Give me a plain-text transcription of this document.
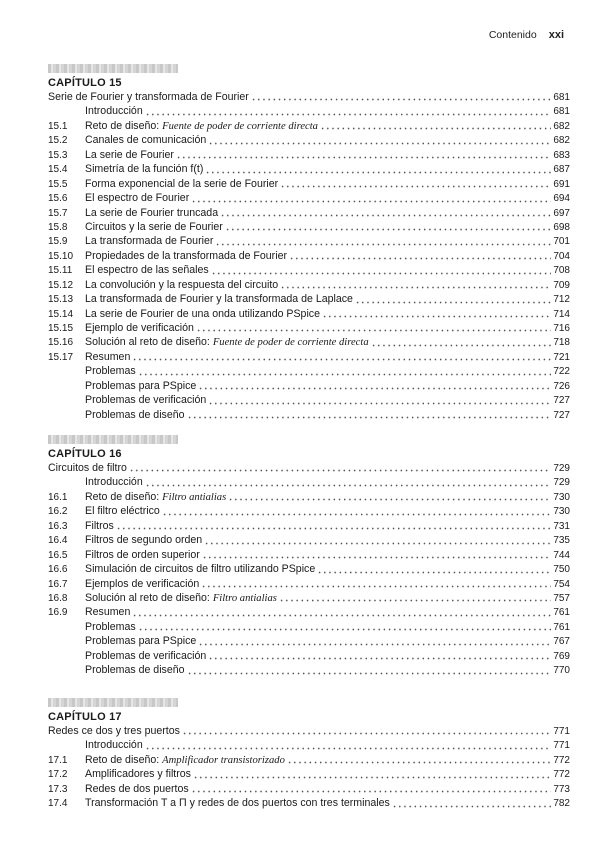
Contenido xxi
CAPÍTULO 15
Serie de Fourier y transformada de Fourier	681
Introducción	681
15.1	Reto de diseño: Fuente de poder de corriente directa	682
15.2	Canales de comunicación	682
15.3	La serie de Fourier	683
15.4	Simetría de la función f(t)	687
15.5	Forma exponencial de la serie de Fourier	691
15.6	El espectro de Fourier	694
15.7	La serie de Fourier truncada	697
15.8	Circuitos y la serie de Fourier	698
15.9	La transformada de Fourier	701
15.10	Propiedades de la transformada de Fourier	704
15.11	El espectro de las señales	708
15.12	La convolución y la respuesta del circuito	709
15.13	La transformada de Fourier y la transformada de Laplace	712
15.14	La serie de Fourier de una onda utilizando PSpice	714
15.15	Ejemplo de verificación	716
15.16	Solución al reto de diseño: Fuente de poder de corriente directa	718
15.17	Resumen	721
Problemas	722
Problemas para PSpice	726
Problemas de verificación	727
Problemas de diseño	727
CAPÍTULO 16
Circuitos de filtro	729
Introducción	729
16.1	Reto de diseño: Filtro antialias	730
16.2	El filtro eléctrico	730
16.3	Filtros	731
16.4	Filtros de segundo orden	735
16.5	Filtros de orden superior	744
16.6	Simulación de circuitos de filtro utilizando PSpice	750
16.7	Ejemplos de verificación	754
16.8	Solución al reto de diseño: Filtro antialias	757
16.9	Resumen	761
Problemas	761
Problemas para PSpice	767
Problemas de verificación	769
Problemas de diseño	770
CAPÍTULO 17
Redes ce dos y tres puertos	771
Introducción	771
17.1	Reto de diseño: Amplificador transistorizado	772
17.2	Amplificadores y filtros	772
17.3	Redes de dos puertos	773
17.4	Transformación T a Π y redes de dos puertos con tres terminales	782
